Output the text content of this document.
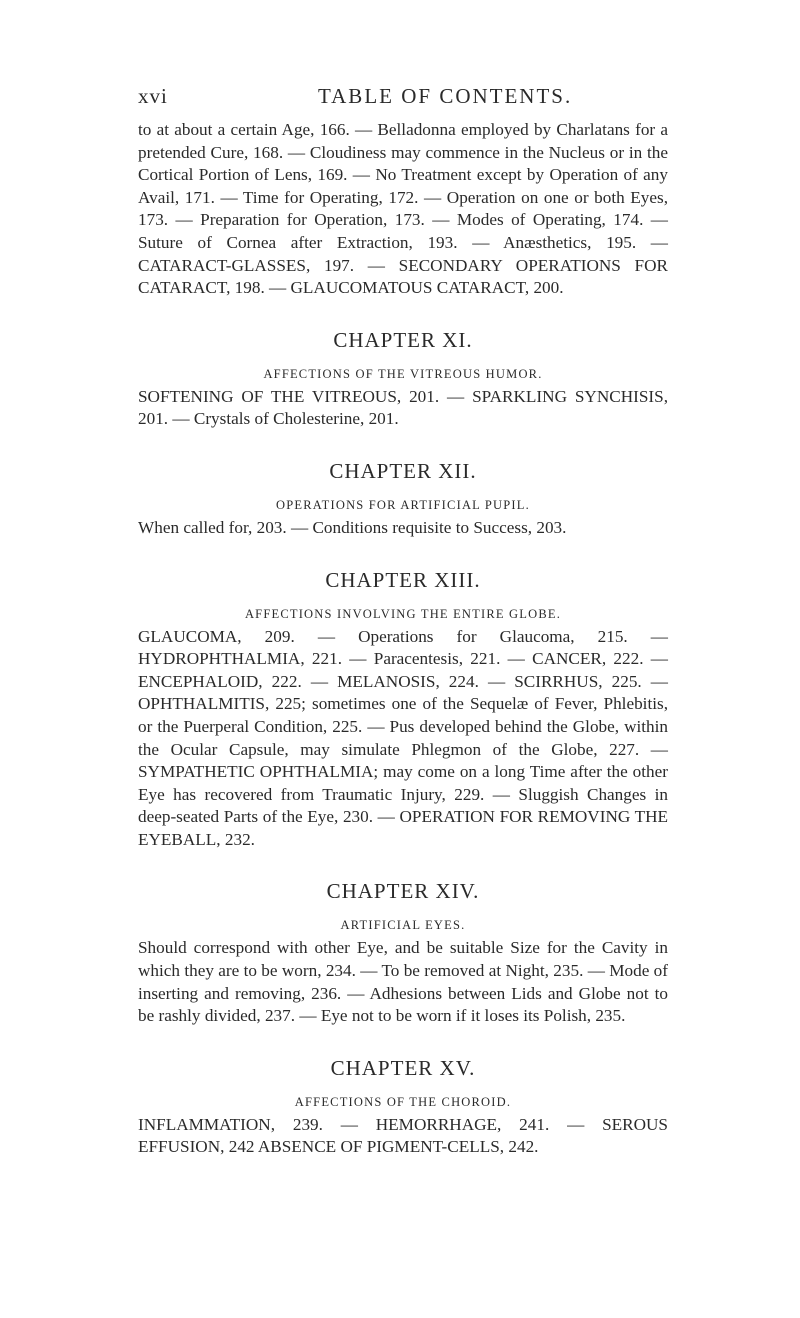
xvi	TABLE OF CONTENTS.

to at about a certain Age, 166. — Belladonna employed by Charlatans for a pretended Cure, 168. — Cloudiness may commence in the Nucleus or in the Cortical Portion of Lens, 169. — No Treatment except by Operation of any Avail, 171. — Time for Operating, 172. — Operation on one or both Eyes, 173. — Preparation for Operation, 173. — Modes of Operating, 174. — Suture of Cornea after Extraction, 193. — Anæsthetics, 195. — CATARACT-GLASSES, 197. — SECONDARY OPERATIONS FOR CATARACT, 198. — GLAUCOMATOUS CATARACT, 200.

CHAPTER XI.
AFFECTIONS OF THE VITREOUS HUMOR.

SOFTENING OF THE VITREOUS, 201. — SPARKLING SYNCHISIS, 201. — Crystals of Cholesterine, 201.

CHAPTER XII.
OPERATIONS FOR ARTIFICIAL PUPIL.

When called for, 203. — Conditions requisite to Success, 203.

CHAPTER XIII.
AFFECTIONS INVOLVING THE ENTIRE GLOBE.

GLAUCOMA, 209. — Operations for Glaucoma, 215. — HYDROPHTHALMIA, 221. — Paracentesis, 221. — CANCER, 222. — ENCEPHALOID, 222. — MELANOSIS, 224. — SCIRRHUS, 225. — OPHTHALMITIS, 225; sometimes one of the Sequelæ of Fever, Phlebitis, or the Puerperal Condition, 225. — Pus developed behind the Globe, within the Ocular Capsule, may simulate Phlegmon of the Globe, 227. — SYMPATHETIC OPHTHALMIA; may come on a long Time after the other Eye has recovered from Traumatic Injury, 229. — Sluggish Changes in deep-seated Parts of the Eye, 230. — OPERATION FOR REMOVING THE EYEBALL, 232.

CHAPTER XIV.
ARTIFICIAL EYES.

Should correspond with other Eye, and be suitable Size for the Cavity in which they are to be worn, 234. — To be removed at Night, 235. — Mode of inserting and removing, 236. — Adhesions between Lids and Globe not to be rashly divided, 237. — Eye not to be worn if it loses its Polish, 235.

CHAPTER XV.
AFFECTIONS OF THE CHOROID.

INFLAMMATION, 239. — HEMORRHAGE, 241. — SEROUS EFFUSION, 242 ABSENCE OF PIGMENT-CELLS, 242.
